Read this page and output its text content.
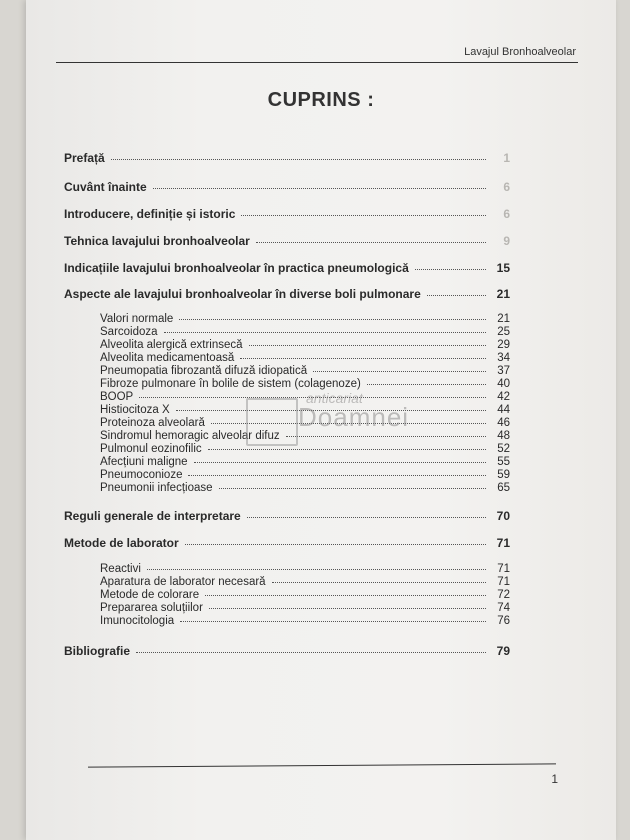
Lavajul Bronhoalveolar
CUPRINS :
Prefață	1
Cuvânt înainte	6
Introducere, definiție și istoric	6
Tehnica lavajului bronhoalveolar	9
Indicațiile lavajului bronhoalveolar în practica pneumologică	15
Aspecte ale lavajului bronhoalveolar în diverse boli pulmonare	21
Valori normale	21
Sarcoidoza	25
Alveolita alergică extrinsecă	29
Alveolita medicamentoasă	34
Pneumopatia fibrozantă difuză idiopatică	37
Fibroze pulmonare în bolile de sistem (colagenoze)	40
BOOP	42
Histiocitoza X	44
Proteinoza alveolară	46
Sindromul hemoragic alveolar difuz	48
Pulmonul eozinofilic	52
Afecțiuni maligne	55
Pneumoconioze	59
Pneumonii infecțioase	65
Reguli generale de interpretare	70
Metode de laborator	71
Reactivi	71
Aparatura de laborator necesară	71
Metode de colorare	72
Prepararea soluțiilor	74
Imunocitologia	76
Bibliografie	79
anticariat
Doamnei
1
